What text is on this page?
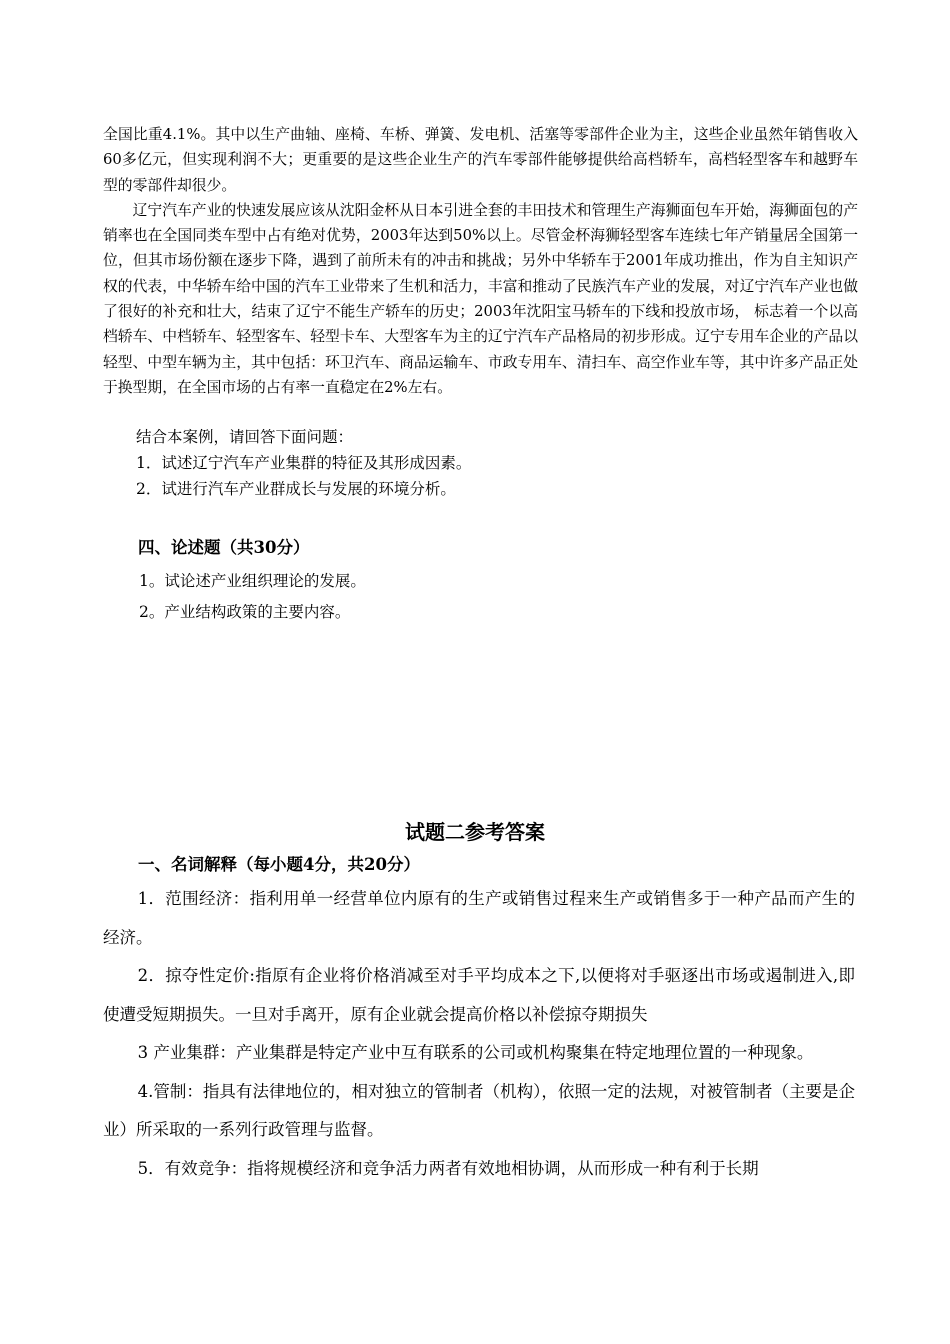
全国比重4.1%。其中以生产曲轴、座椅、车桥、弹簧、发电机、活塞等零部件企业为主，这些企业虽然年销售收入60多亿元，但实现利润不大；更重要的是这些企业生产的汽车零部件能够提供给高档轿车，高档轻型客车和越野车型的零部件却很少。

辽宁汽车产业的快速发展应该从沈阳金杯从日本引进全套的丰田技术和管理生产海狮面包车开始，海狮面包的产销率也在全国同类车型中占有绝对优势，2003年达到50%以上。尽管金杯海狮轻型客车连续七年产销量居全国第一位，但其市场份额在逐步下降，遇到了前所未有的冲击和挑战；另外中华轿车于2001年成功推出，作为自主知识产权的代表，中华轿车给中国的汽车工业带来了生机和活力，丰富和推动了民族汽车产业的发展，对辽宁汽车产业也做了很好的补充和壮大，结束了辽宁不能生产轿车的历史；2003年沈阳宝马轿车的下线和投放市场， 标志着一个以高档轿车、中档轿车、轻型客车、轻型卡车、大型客车为主的辽宁汽车产品格局的初步形成。辽宁专用车企业的产品以轻型、中型车辆为主，其中包括：环卫汽车、商品运输车、市政专用车、清扫车、高空作业车等，其中许多产品正处于换型期，在全国市场的占有率一直稳定在2%左右。

结合本案例，请回答下面问题：

1．试述辽宁汽车产业集群的特征及其形成因素。

2．试进行汽车产业群成长与发展的环境分析。

四、论述题（共30分）

1。试论述产业组织理论的发展。

2。产业结构政策的主要内容。

试题二参考答案
一、名词解释（每小题4分，共20分）

1．范围经济：指利用单一经营单位内原有的生产或销售过程来生产或销售多于一种产品而产生的经济。

2．掠夺性定价:指原有企业将价格消减至对手平均成本之下,以便将对手驱逐出市场或遏制进入,即使遭受短期损失。一旦对手离开，原有企业就会提高价格以补偿掠夺期损失

3 产业集群：产业集群是特定产业中互有联系的公司或机构聚集在特定地理位置的一种现象。

4.管制：指具有法律地位的，相对独立的管制者（机构），依照一定的法规，对被管制者（主要是企业）所采取的一系列行政管理与监督。

5．有效竞争：指将规模经济和竞争活力两者有效地相协调，从而形成一种有利于长期
